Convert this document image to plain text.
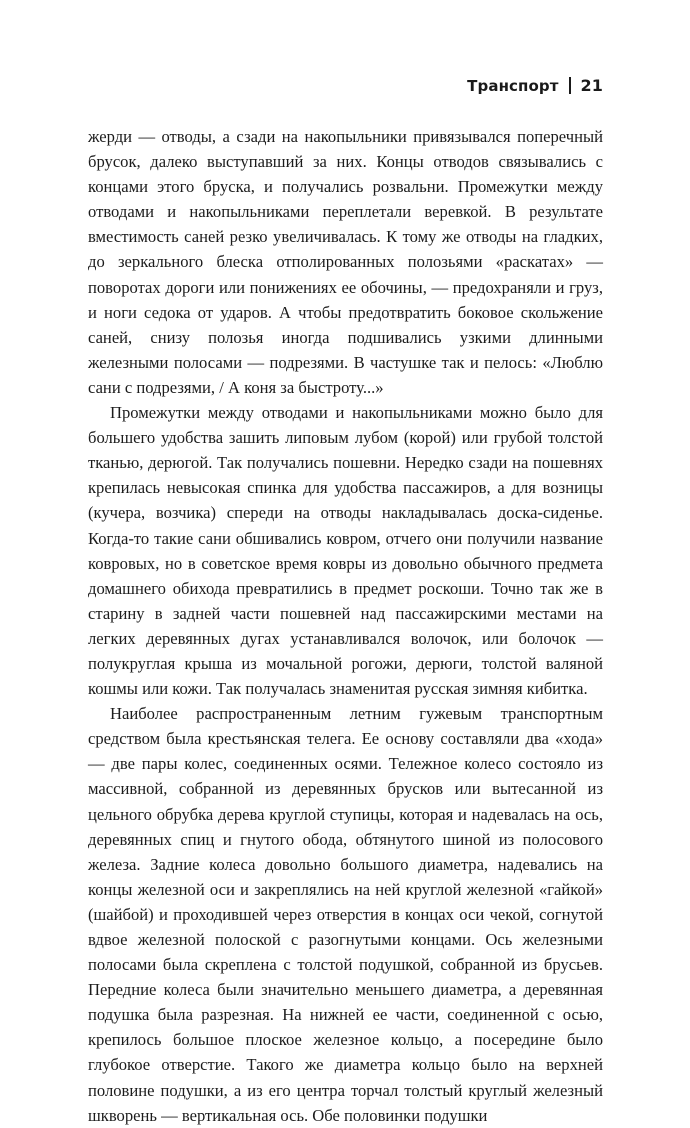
Транспорт 21

жерди — отводы, а сзади на накопыльники привязывался поперечный брусок, далеко выступавший за них. Концы отводов связывались с концами этого бруска, и получались розвальни. Промежутки между отводами и накопыльниками переплетали веревкой. В результате вместимость саней резко увеличивалась. К тому же отводы на гладких, до зеркального блеска отполированных полозьями «раскатах» — поворотах дороги или понижениях ее обочины, — предохраняли и груз, и ноги седока от ударов. А чтобы предотвратить боковое скольжение саней, снизу полозья иногда подшивались узкими длинными железными полосами — подрезями. В частушке так и пелось: «Люблю сани с подрезями, / А коня за быстроту...»

Промежутки между отводами и накопыльниками можно было для большего удобства зашить липовым лубом (корой) или грубой толстой тканью, дерюгой. Так получались пошевни. Нередко сзади на пошевнях крепилась невысокая спинка для удобства пассажиров, а для возницы (кучера, возчика) спереди на отводы накладывалась доска-сиденье. Когда-то такие сани обшивались ковром, отчего они получили название ковровых, но в советское время ковры из довольно обычного предмета домашнего обихода превратились в предмет роскоши. Точно так же в старину в задней части пошевней над пассажирскими местами на легких деревянных дугах устанавливался волочок, или болочок — полукруглая крыша из мочальной рогожи, дерюги, толстой валяной кошмы или кожи. Так получалась знаменитая русская зимняя кибитка.

Наиболее распространенным летним гужевым транспортным средством была крестьянская телега. Ее основу составляли два «хода» — две пары колес, соединенных осями. Тележное колесо состояло из массивной, собранной из деревянных брусков или вытесанной из цельного обрубка дерева круглой ступицы, которая и надевалась на ось, деревянных спиц и гнутого обода, обтянутого шиной из полосового железа. Задние колеса довольно большого диаметра, надевались на концы железной оси и закреплялись на ней круглой железной «гайкой» (шайбой) и проходившей через отверстия в концах оси чекой, согнутой вдвое железной полоской с разогнутыми концами. Ось железными полосами была скреплена с толстой подушкой, собранной из брусьев. Передние колеса были значительно меньшего диаметра, а деревянная подушка была разрезная. На нижней ее части, соединенной с осью, крепилось большое плоское железное кольцо, а посередине было глубокое отверстие. Такого же диаметра кольцо было на верхней половине подушки, а из его центра торчал толстый круглый железный шкворень — вертикальная ось. Обе половинки подушки
